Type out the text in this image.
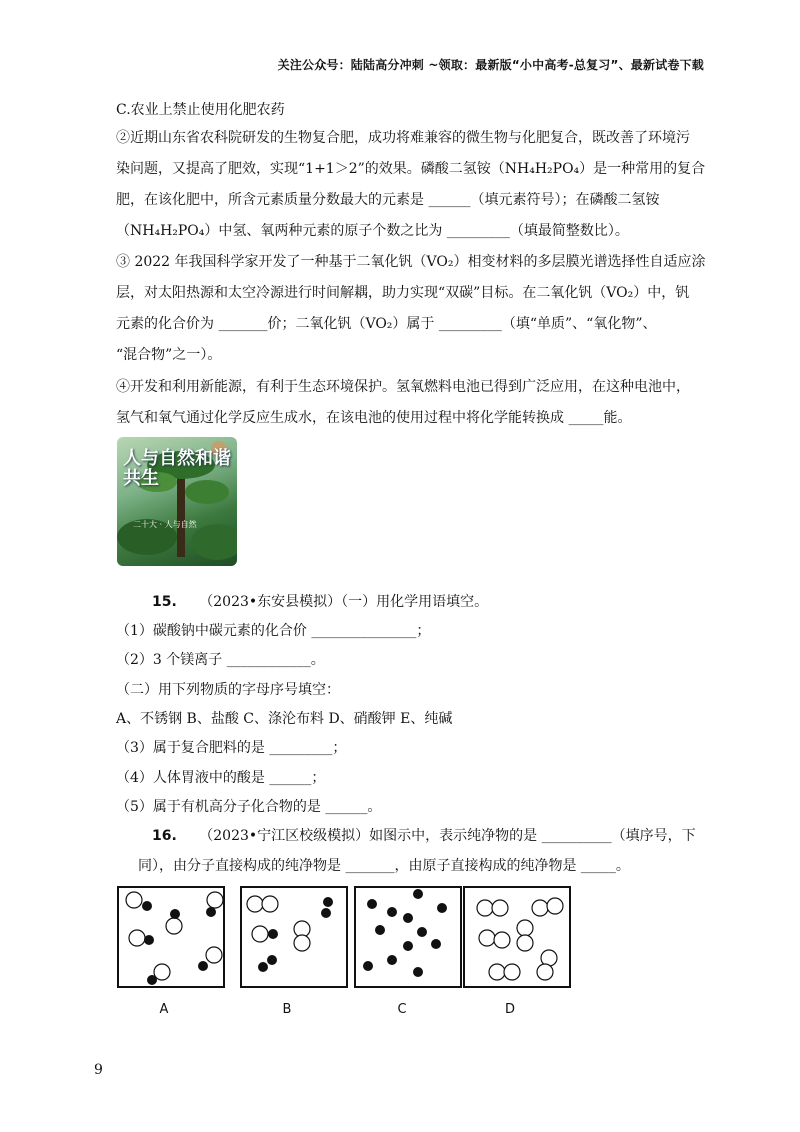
关注公众号：陆陆高分冲刺 ~领取：最新版“小中高考-总复习”、最新试卷下载
C.农业上禁止使用化肥农药
②近期山东省农科院研发的生物复合肥，成功将难兼容的微生物与化肥复合，既改善了环境污
染问题，又提高了肥效，实现“1+1＞2”的效果。磷酸二氢铵（NH₄H₂PO₄）是一种常用的复合
肥，在该化肥中，所含元素质量分数最大的元素是 ______（填元素符号）；在磷酸二氢铵
（NH₄H₂PO₄）中氢、氧两种元素的原子个数之比为 _________（填最简整数比）。
③ 2022 年我国科学家开发了一种基于二氧化钒（VO₂）相变材料的多层膜光谱选择性自适应涂
层，对太阳热源和太空冷源进行时间解耦，助力实现“双碳”目标。在二氧化钒（VO₂）中，钒
元素的化合价为 _______价；二氧化钒（VO₂）属于 _________（填“单质”、“氧化物”、
“混合物”之一）。
④开发和利用新能源，有利于生态环境保护。氢氧燃料电池已得到广泛应用，在这种电池中，
氢气和氧气通过化学反应生成水，在该电池的使用过程中将化学能转换成 _____能。
人与自然和谐共生
二十大 · 人与自然
15. （2023•东安县模拟）（一）用化学用语填空。
（1）碳酸钠中碳元素的化合价 _______________；
（2）3 个镁离子 ____________。
（二）用下列物质的字母序号填空：
A、不锈钢 B、盐酸 C、涤沦布料 D、硝酸钾 E、纯碱
（3）属于复合肥料的是 _________；
（4）人体胃液中的酸是 ______；
（5）属于有机高分子化合物的是 ______。
16. （2023•宁江区校级模拟）如图示中，表示纯净物的是 __________（填序号，下
同），由分子直接构成的纯净物是 _______，由原子直接构成的纯净物是 _____。
A	B	C	D
9
